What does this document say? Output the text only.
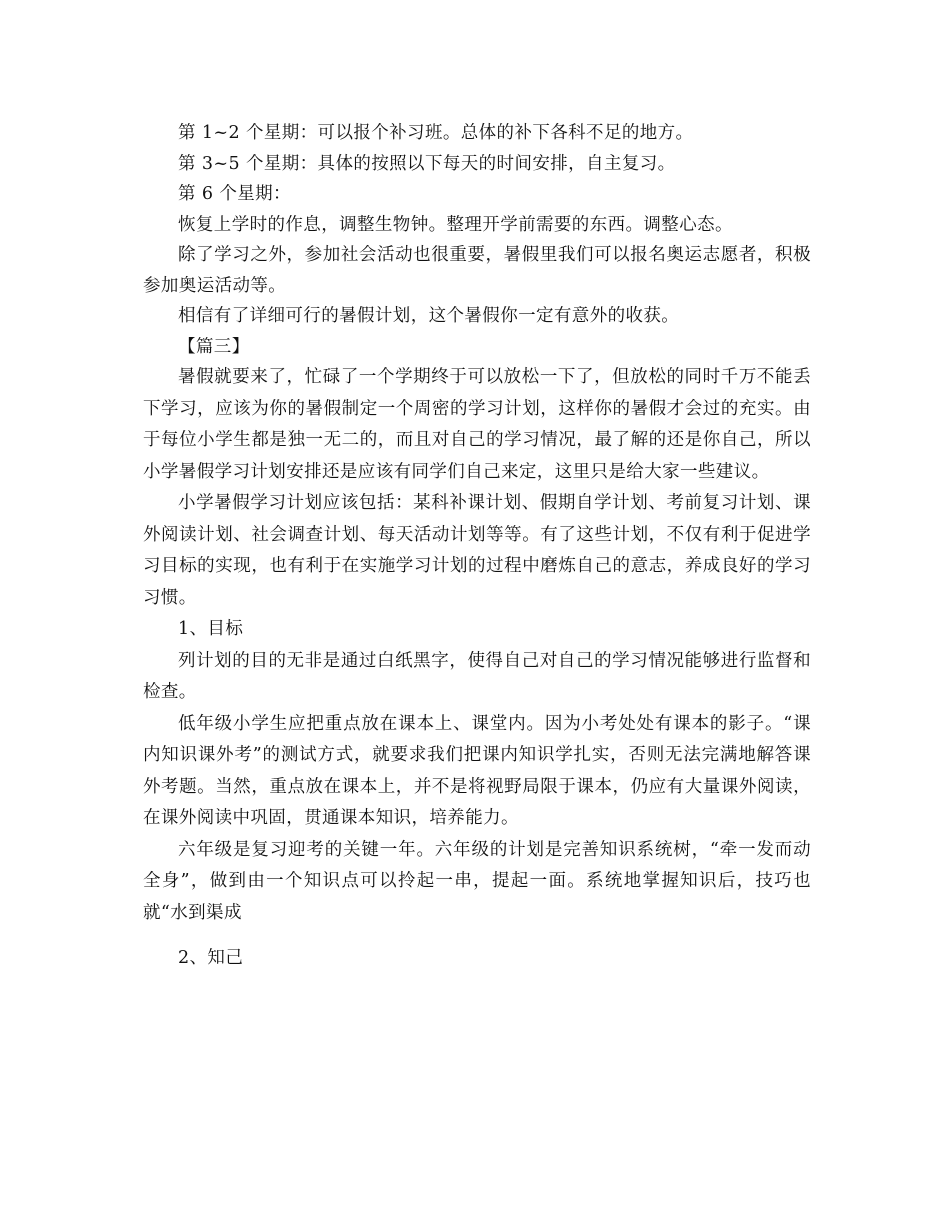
第 1~2 个星期：可以报个补习班。总体的补下各科不足的地方。

第 3~5 个星期：具体的按照以下每天的时间安排，自主复习。

第 6 个星期：

恢复上学时的作息，调整生物钟。整理开学前需要的东西。调整心态。

除了学习之外，参加社会活动也很重要，暑假里我们可以报名奥运志愿者，积极参加奥运活动等。

相信有了详细可行的暑假计划，这个暑假你一定有意外的收获。

【篇三】

暑假就要来了，忙碌了一个学期终于可以放松一下了，但放松的同时千万不能丢下学习，应该为你的暑假制定一个周密的学习计划，这样你的暑假才会过的充实。由于每位小学生都是独一无二的，而且对自己的学习情况，最了解的还是你自己，所以小学暑假学习计划安排还是应该有同学们自己来定，这里只是给大家一些建议。

小学暑假学习计划应该包括：某科补课计划、假期自学计划、考前复习计划、课外阅读计划、社会调查计划、每天活动计划等等。有了这些计划，不仅有利于促进学习目标的实现，也有利于在实施学习计划的过程中磨炼自己的意志，养成良好的学习习惯。

1、目标

列计划的目的无非是通过白纸黑字，使得自己对自己的学习情况能够进行监督和检查。

低年级小学生应把重点放在课本上、课堂内。因为小考处处有课本的影子。“课内知识课外考”的测试方式，就要求我们把课内知识学扎实，否则无法完满地解答课外考题。当然，重点放在课本上，并不是将视野局限于课本，仍应有大量课外阅读，在课外阅读中巩固，贯通课本知识，培养能力。

六年级是复习迎考的关键一年。六年级的计划是完善知识系统树，“牵一发而动全身”，做到由一个知识点可以拎起一串，提起一面。系统地掌握知识后，技巧也就“水到渠成

2、知己
